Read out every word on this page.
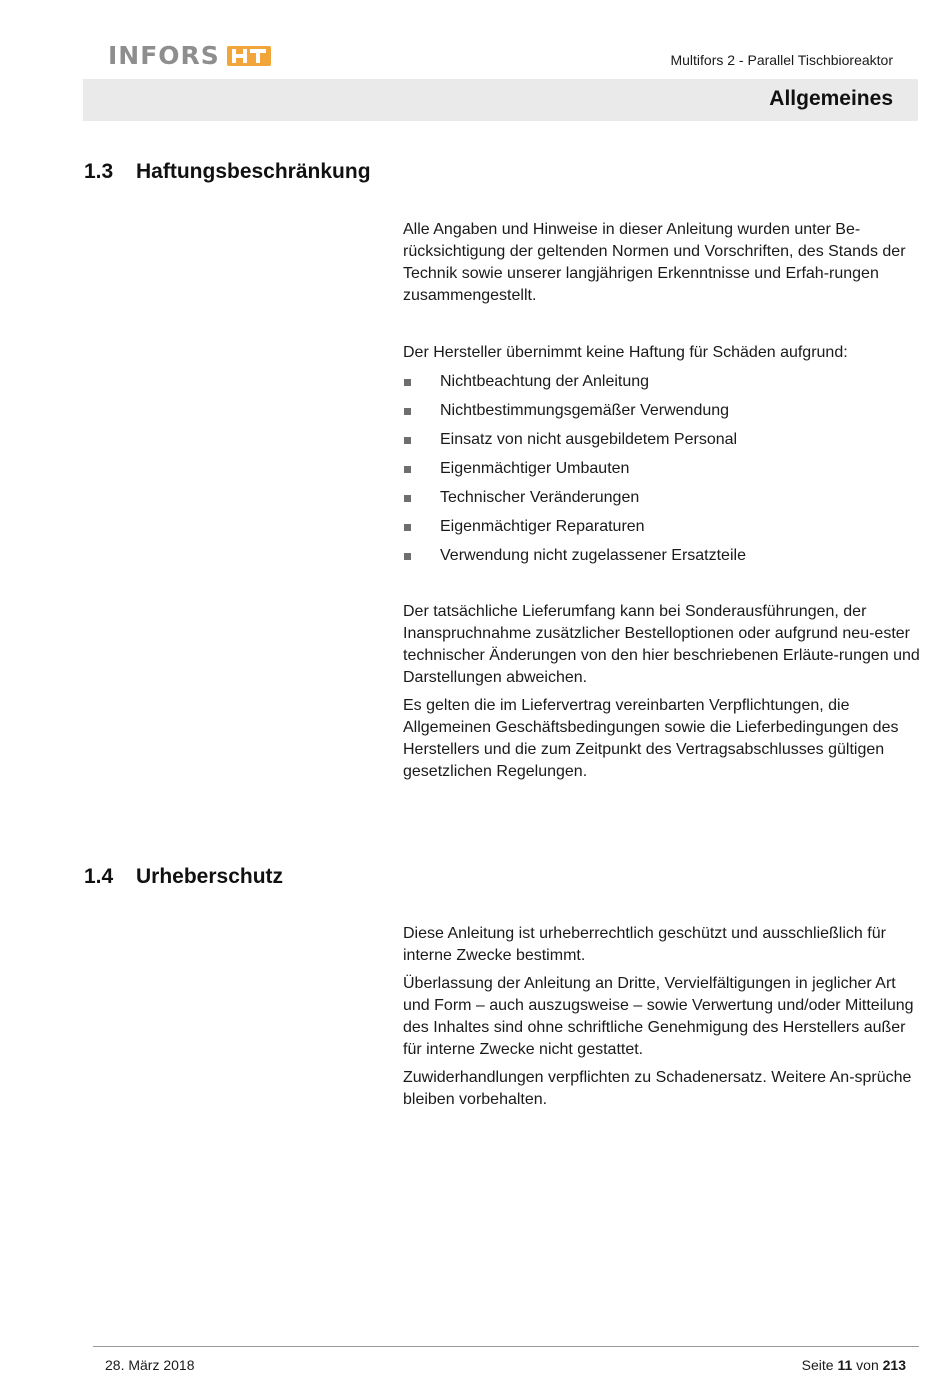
INFORS	Multifors 2 - Parallel Tischbioreaktor
Allgemeines
1.3	Haftungsbeschränkung

Alle Angaben und Hinweise in dieser Anleitung wurden unter Be-rücksichtigung der geltenden Normen und Vorschriften, des Stands der Technik sowie unserer langjährigen Erkenntnisse und Erfah-rungen zusammengestellt.

Der Hersteller übernimmt keine Haftung für Schäden aufgrund:

Nichtbeachtung der Anleitung
Nichtbestimmungsgemäßer Verwendung
Einsatz von nicht ausgebildetem Personal
Eigenmächtiger Umbauten
Technischer Veränderungen
Eigenmächtiger Reparaturen
Verwendung nicht zugelassener Ersatzteile

Der tatsächliche Lieferumfang kann bei Sonderausführungen, der Inanspruchnahme zusätzlicher Bestelloptionen oder aufgrund neu-ester technischer Änderungen von den hier beschriebenen Erläute-rungen und Darstellungen abweichen.

Es gelten die im Liefervertrag vereinbarten Verpflichtungen, die Allgemeinen Geschäftsbedingungen sowie die Lieferbedingungen des Herstellers und die zum Zeitpunkt des Vertragsabschlusses gültigen gesetzlichen Regelungen.

1.4	Urheberschutz

Diese Anleitung ist urheberrechtlich geschützt und ausschließlich für interne Zwecke bestimmt.

Überlassung der Anleitung an Dritte, Vervielfältigungen in jeglicher Art und Form – auch auszugsweise – sowie Verwertung und/oder Mitteilung des Inhaltes sind ohne schriftliche Genehmigung des Herstellers außer für interne Zwecke nicht gestattet.

Zuwiderhandlungen verpflichten zu Schadenersatz. Weitere An-sprüche bleiben vorbehalten.

28. März 2018	Seite 11 von 213
